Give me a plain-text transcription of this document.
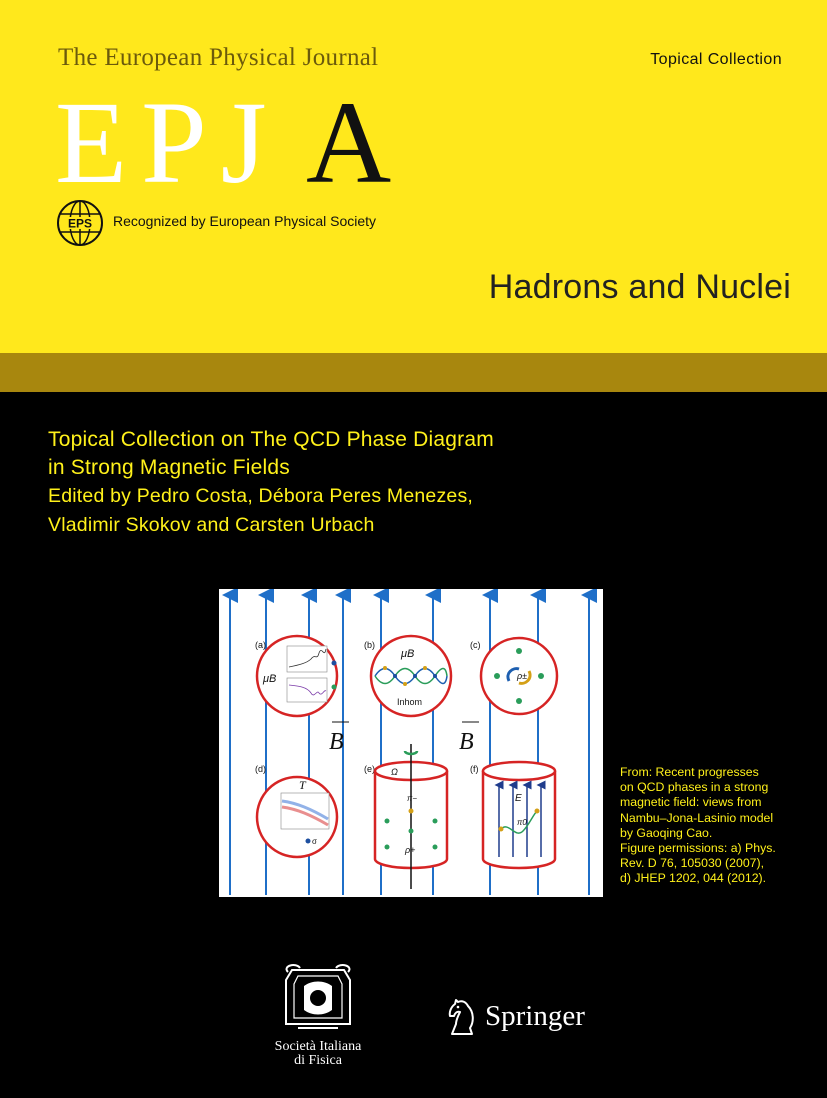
The European Physical Journal	Topical Collection
EPJ A
EPS Recognized by European Physical Society
Hadrons and Nuclei
Topical Collection on The QCD Phase Diagram
in Strong Magnetic Fields
Edited by Pedro Costa, Débora Peres Menezes,
Vladimir Skokov and Carsten Urbach
(a)	(b)	(c)
μB
μB
Inhom
ρ±
B	B
(d)
T
σ
(e) Ω
π−
ρ+
(f)
E
π0
From: Recent progresses
on QCD phases in a strong
magnetic field: views from
Nambu–Jona-Lasinio model
by Gaoqing Cao.
Figure permissions: a) Phys.
Rev. D 76, 105030 (2007),
d) JHEP 1202, 044 (2012).
Società Italiana
di Fisica
Springer
